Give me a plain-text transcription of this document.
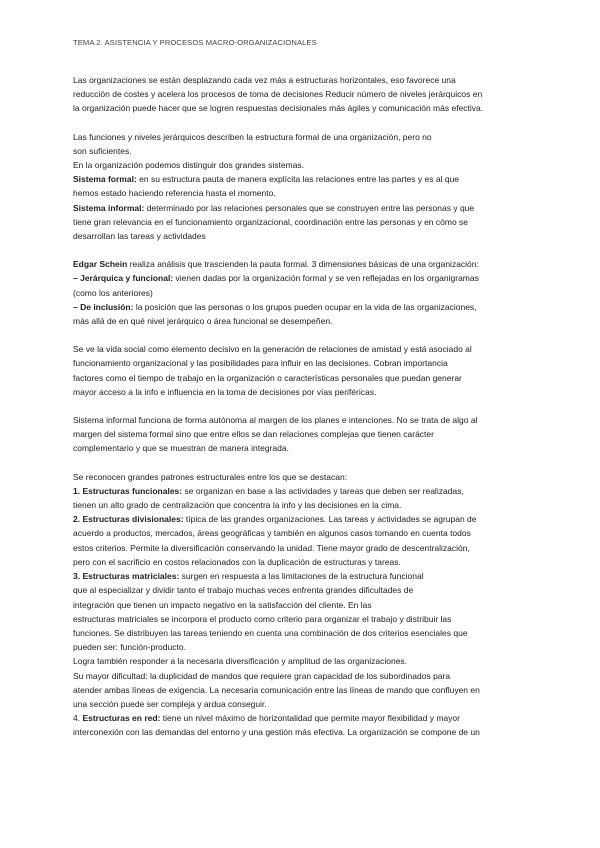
TEMA 2. ASISTENCIA Y PROCESOS MACRO-ORGANIZACIONALES

Las organizaciones se están desplazando cada vez más a estructuras horizontales, eso favorece una
reducción de costes y acelera los procesos de toma de decisiones Reducir número de niveles jerárquicos en
la organización puede hacer que se logren respuestas decisionales más ágiles y comunicación más efectiva.

Las funciones y niveles jerárquicos describen la estructura formal de una organización, pero no
son suficientes.
En la organización podemos distinguir dos grandes sistemas.
Sistema formal: en su estructura pauta de manera explícita las relaciones entre las partes y es al que
hemos estado haciendo referencia hasta el momento.
Sistema informal: determinado por las relaciones personales que se construyen entre las personas y que
tiene gran relevancia en el funcionamiento organizacional, coordinación entre las personas y en cómo se
desarrollan las tareas y actividades

Edgar Schein realiza análisis que trascienden la pauta formal. 3 dimensiones básicas de una organización:
– Jerárquica y funcional: vienen dadas por la organización formal y se ven reflejadas en los organigramas
(como los anteriores)
– De inclusión: la posición que las personas o los grupos pueden ocupar en la vida de las organizaciones,
más allá de en qué nivel jerárquico o área funcional se desempeñen.

Se ve la vida social como elemento decisivo en la generación de relaciones de amistad y está asociado al
funcionamiento organizacional y las posibilidades para influir en las decisiones. Cobran importancia
factores como el tiempo de trabajo en la organización o características personales que puedan generar
mayor acceso a la info e influencia en la toma de decisiones por vías periféricas.

Sistema informal funciona de forma autónoma al margen de los planes e intenciones. No se trata de algo al
margen del sistema formal sino que entre ellos se dan relaciones complejas que tienen carácter
complementario y que se muestran de manera integrada.

Se reconocen grandes patrones estructurales entre los que se destacan:
1. Estructuras funcionales: se organizan en base a las actividades y tareas que deben ser realizadas,
tienen un alto grado de centralización que concentra la info y las decisiones en la cima.
2. Estructuras divisionales: típica de las grandes organizaciones. Las tareas y actividades se agrupan de
acuerdo a productos, mercados, áreas geográficas y también en algunos casos tomando en cuenta todos
estos criterios. Permite la diversificación conservando la unidad. Tiene mayor grado de descentralización,
pero con el sacrificio en costos relacionados con la duplicación de estructuras y tareas.
3. Estructuras matriciales: surgen en respuesta a las limitaciones de la estructura funcional
que al especializar y dividir tanto el trabajo muchas veces enfrenta grandes dificultades de
integración que tienen un impacto negativo en la satisfacción del cliente. En las
estructuras matriciales se incorpora el producto como criterio para organizar el trabajo y distribuir las
funciones. Se distribuyen las tareas teniendo en cuenta una combinación de dos criterios esenciales que
pueden ser: función-producto.
Logra también responder a la necesaria diversificación y amplitud de las organizaciones.
Su mayor dificultad: la duplicidad de mandos que requiere gran capacidad de los subordinados para
atender ambas líneas de exigencia. La necesaria comunicación entre las líneas de mando que confluyen en
una sección puede ser compleja y ardua conseguir.
4. Estructuras en red: tiene un nivel máximo de horizontalidad que permite mayor flexibilidad y mayor
interconexión con las demandas del entorno y una gestión más efectiva. La organización se compone de un
